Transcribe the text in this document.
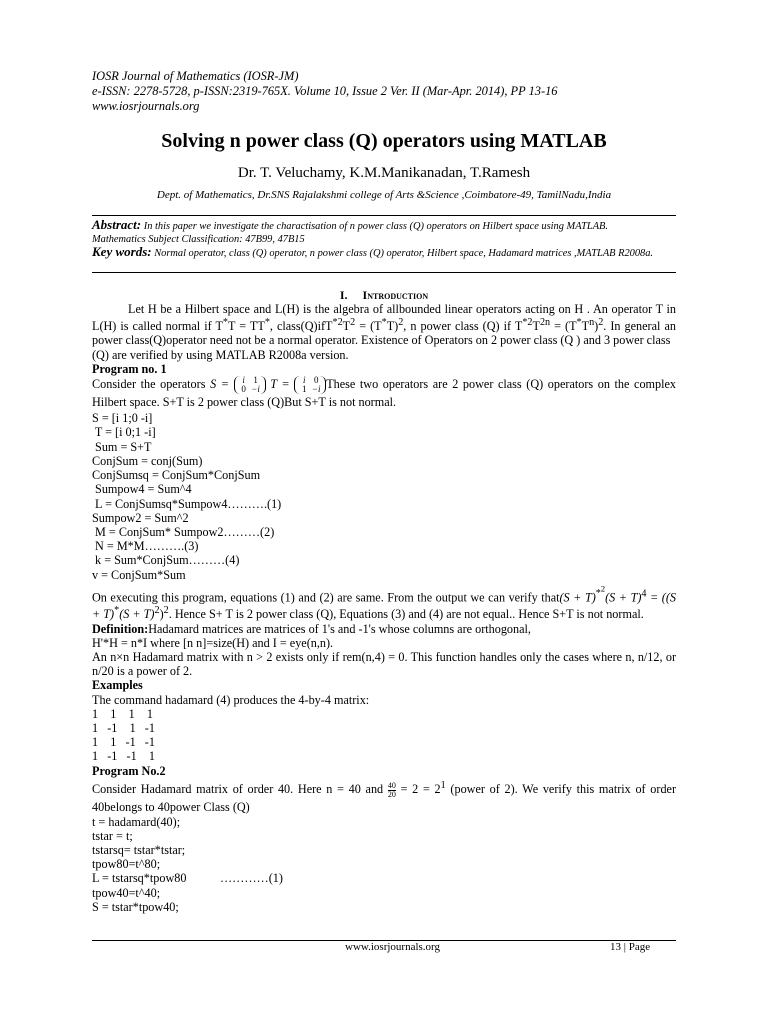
IOSR Journal of Mathematics (IOSR-JM)
e-ISSN: 2278-5728, p-ISSN:2319-765X. Volume 10, Issue 2 Ver. II (Mar-Apr. 2014), PP 13-16
www.iosrjournals.org
Solving n power class (Q) operators using MATLAB
Dr. T. Veluchamy, K.M.Manikanadan, T.Ramesh
Dept. of Mathematics, Dr.SNS Rajalakshmi college of Arts &Science ,Coimbatore-49, TamilNadu,India
Abstract: In this paper we investigate the charactisation of n power class (Q) operators on Hilbert space using MATLAB.
Mathematics Subject Classification: 47B99, 47B15
Key words: Normal operator, class (Q) operator, n power class (Q) operator, Hilbert space, Hadamard matrices ,MATLAB R2008a.
I. Introduction

Let H be a Hilbert space and L(H) is the algebra of allbounded linear operators acting on H . An operator T in L(H) is called normal if T*T = TT*, $class(Q)ifT^{*2}T^2 = (T^*T)^2$, n power class (Q) if $T^{*2}T^{2n} = (T^*T^n)^2$. In general an power class(Q)operator need not be a normal operator. Existence of Operators on 2 power class (Q ) and 3 power class

(Q) are verified by using MATLAB R2008a version.

Program no. 1

Consider the operators S = i 1
0 −i T = i 0
1 −i These two operators are 2 power class (Q) operators on the complex Hilbert space. S+T is 2 power class (Q)But S+T is not normal.

S = [i 1;0 -i]
T = [i 0;1 -i]
Sum = S+T
ConjSum = conj(Sum)
ConjSumsq = ConjSum*ConjSum
Sumpow4 = Sum^4
L = ConjSumsq*Sumpow4……….(1)
Sumpow2 = Sum^2
M = ConjSum* Sumpow2………(2)
N = M*M……….(3)
k = Sum*ConjSum………(4)
v = ConjSum*Sum

On executing this program, equations (1) and (2) are same. From the output we can verify that(S + $T)^{*^2}(S + T)^4 = ((S + T)^*(S + T)^2)^2$. Hence S+ T is 2 power class (Q), Equations (3) and (4) are not equal.. Hence S+T is not normal.

Definition:Hadamard matrices are matrices of 1's and -1's whose columns are orthogonal,

H'*H = n*I where [n n]=size(H) and I = eye(n,n).

An n×n Hadamard matrix with n > 2 exists only if rem(n,4) = 0. This function handles only the cases where n, n/12, or n/20 is a power of 2.

Examples

The command hadamard (4) produces the 4-by-4 matrix:

1    1    1    1
1   -1    1   -1
1    1   -1   -1
1   -1   -1    1

Program No.2

Consider Hadamard matrix of order 40. Here n = 40 and $\frac{40}{20} = 2 = 2^1$ (power of 2). We verify this matrix of order 40belongs to 40power Class (Q)

t = hadamard(40);
tstar = t;
tstarsq= tstar*tstar;
tpow80=t^80;
L = tstarsq*tpow80           …………(1)
tpow40=t^40;
S = tstar*tpow40;
www.iosrjournals.org	13 | Page
